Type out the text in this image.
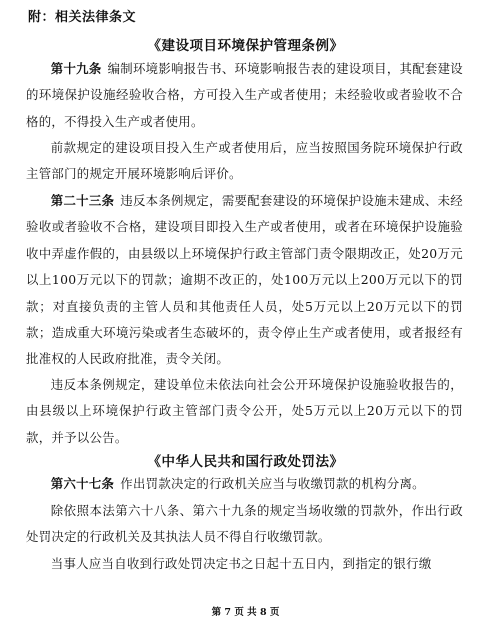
附：相关法律条文
《建设项目环境保护管理条例》
第十九条 编制环境影响报告书、环境影响报告表的建设项目，其配套建设的环境保护设施经验收合格，方可投入生产或者使用；未经验收或者验收不合格的，不得投入生产或者使用。
前款规定的建设项目投入生产或者使用后，应当按照国务院环境保护行政主管部门的规定开展环境影响后评价。
第二十三条 违反本条例规定，需要配套建设的环境保护设施未建成、未经验收或者验收不合格，建设项目即投入生产或者使用，或者在环境保护设施验收中弄虚作假的，由县级以上环境保护行政主管部门责令限期改正，处20万元以上100万元以下的罚款；逾期不改正的，处100万元以上200万元以下的罚款；对直接负责的主管人员和其他责任人员，处5万元以上20万元以下的罚款；造成重大环境污染或者生态破坏的，责令停止生产或者使用，或者报经有批准权的人民政府批准，责令关闭。
违反本条例规定，建设单位未依法向社会公开环境保护设施验收报告的，由县级以上环境保护行政主管部门责令公开，处5万元以上20万元以下的罚款，并予以公告。
《中华人民共和国行政处罚法》
第六十七条 作出罚款决定的行政机关应当与收缴罚款的机构分离。
除依照本法第六十八条、第六十九条的规定当场收缴的罚款外，作出行政处罚决定的行政机关及其执法人员不得自行收缴罚款。
当事人应当自收到行政处罚决定书之日起十五日内，到指定的银行缴
第 7 页 共 8 页
